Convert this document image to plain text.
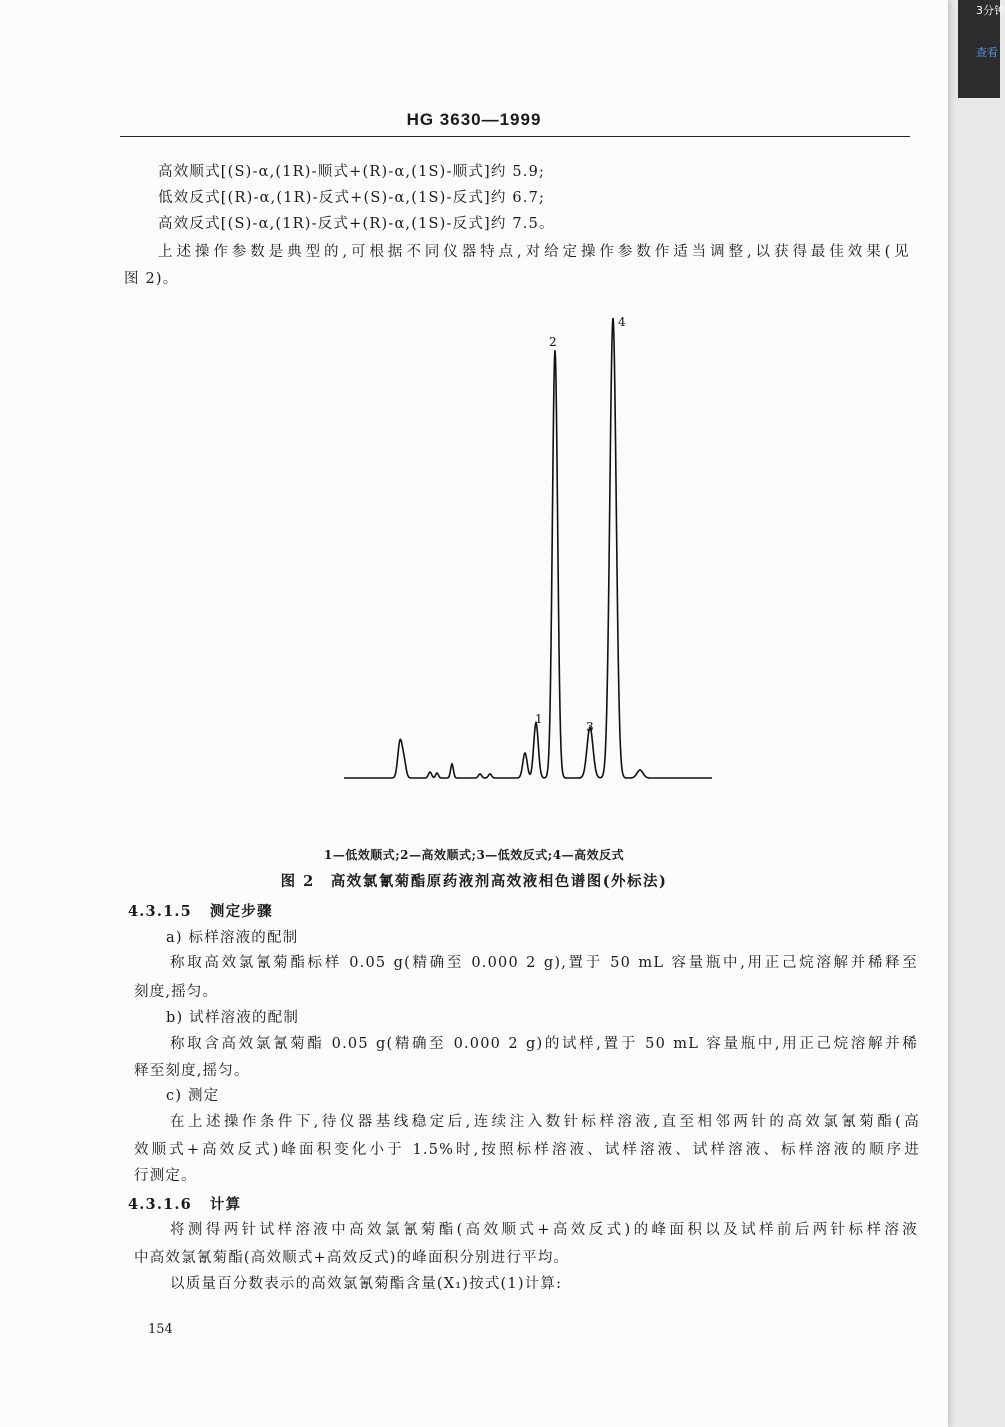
HG 3630—1999
高效顺式[(S)-α,(1R)-顺式+(R)-α,(1S)-顺式]约 5.9;
低效反式[(R)-α,(1R)-反式+(S)-α,(1S)-反式]约 6.7;
高效反式[(S)-α,(1R)-反式+(R)-α,(1S)-反式]约 7.5。
上述操作参数是典型的,可根据不同仪器特点,对给定操作参数作适当调整,以获得最佳效果(见
图 2)。
1
2
3
4
1—低效顺式;2—高效顺式;3—低效反式;4—高效反式
图 2　高效氯氰菊酯原药液剂高效液相色谱图(外标法)
4.3.1.5 测定步骤
a) 标样溶液的配制
称取高效氯氰菊酯标样 0.05 g(精确至 0.000 2 g),置于 50 mL 容量瓶中,用正己烷溶解并稀释至
刻度,摇匀。
b) 试样溶液的配制
称取含高效氯氰菊酯 0.05 g(精确至 0.000 2 g)的试样,置于 50 mL 容量瓶中,用正己烷溶解并稀
释至刻度,摇匀。
c) 测定
在上述操作条件下,待仪器基线稳定后,连续注入数针标样溶液,直至相邻两针的高效氯氰菊酯(高
效顺式+高效反式)峰面积变化小于 1.5%时,按照标样溶液、试样溶液、试样溶液、标样溶液的顺序进
行测定。
4.3.1.6 计算
将测得两针试样溶液中高效氯氰菊酯(高效顺式+高效反式)的峰面积以及试样前后两针标样溶液
中高效氯氰菊酯(高效顺式+高效反式)的峰面积分别进行平均。
以质量百分数表示的高效氯氰菊酯含量(X₁)按式(1)计算:
154
3分钟
查看
